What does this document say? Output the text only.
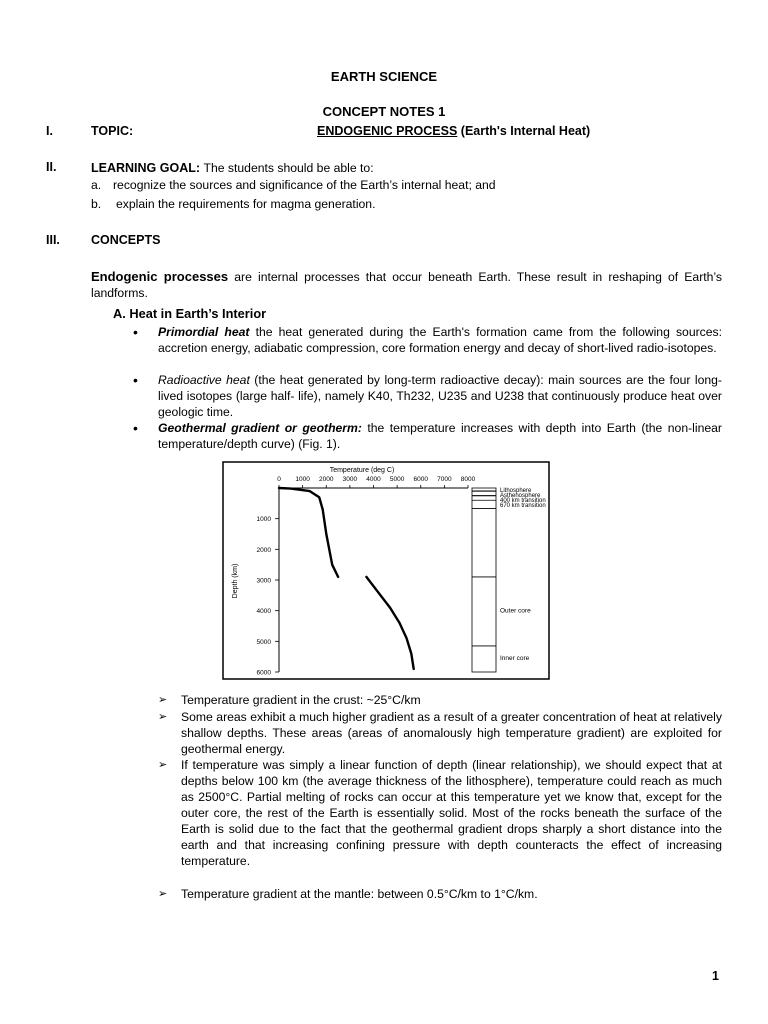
EARTH SCIENCE
CONCEPT NOTES 1
I.	TOPIC:	ENDOGENIC PROCESS (Earth's Internal Heat)
II.	LEARNING GOAL: The students should be able to:
a. recognize the sources and significance of the Earth’s internal heat; and
b. explain the requirements for magma generation.
III. CONCEPTS
Endogenic processes are internal processes that occur beneath Earth. These result in reshaping of Earth’s landforms.
A. Heat in Earth’s Interior
• Primordial heat the heat generated during the Earth's formation came from the following sources: accretion energy, adiabatic compression, core formation energy and decay of short-lived radio-isotopes.
• Radioactive heat (the heat generated by long-term radioactive decay): main sources are the four long-lived isotopes (large half- life), namely K40, Th232, U235 and U238 that continuously produce heat over geologic time.
• Geothermal gradient or geotherm: the temperature increases with depth into Earth (the non-linear temperature/depth curve) (Fig. 1).
Temperature (deg C)
0 1000 2000 3000 4000 5000 6000 7000 8000
1000
2000
3000
4000
5000
6000
Depth (km)
Lithosphere
Asthenosphere
400 km transition
670 km transition
Outer core
Inner core
➢ Temperature gradient in the crust: ~25°C/km
➢ Some areas exhibit a much higher gradient as a result of a greater concentration of heat at relatively shallow depths. These areas (areas of anomalously high temperature gradient) are exploited for geothermal energy.
➢ If temperature was simply a linear function of depth (linear relationship), we should expect that at depths below 100 km (the average thickness of the lithosphere), temperature could reach as much as 2500°C. Partial melting of rocks can occur at this temperature yet we know that, except for the outer core, the rest of the Earth is essentially solid. Most of the rocks beneath the surface of the Earth is solid due to the fact that the geothermal gradient drops sharply a short distance into the earth and that increasing confining pressure with depth counteracts the effect of increasing temperature.
➢ Temperature gradient at the mantle: between 0.5°C/km to 1°C/km.
1
